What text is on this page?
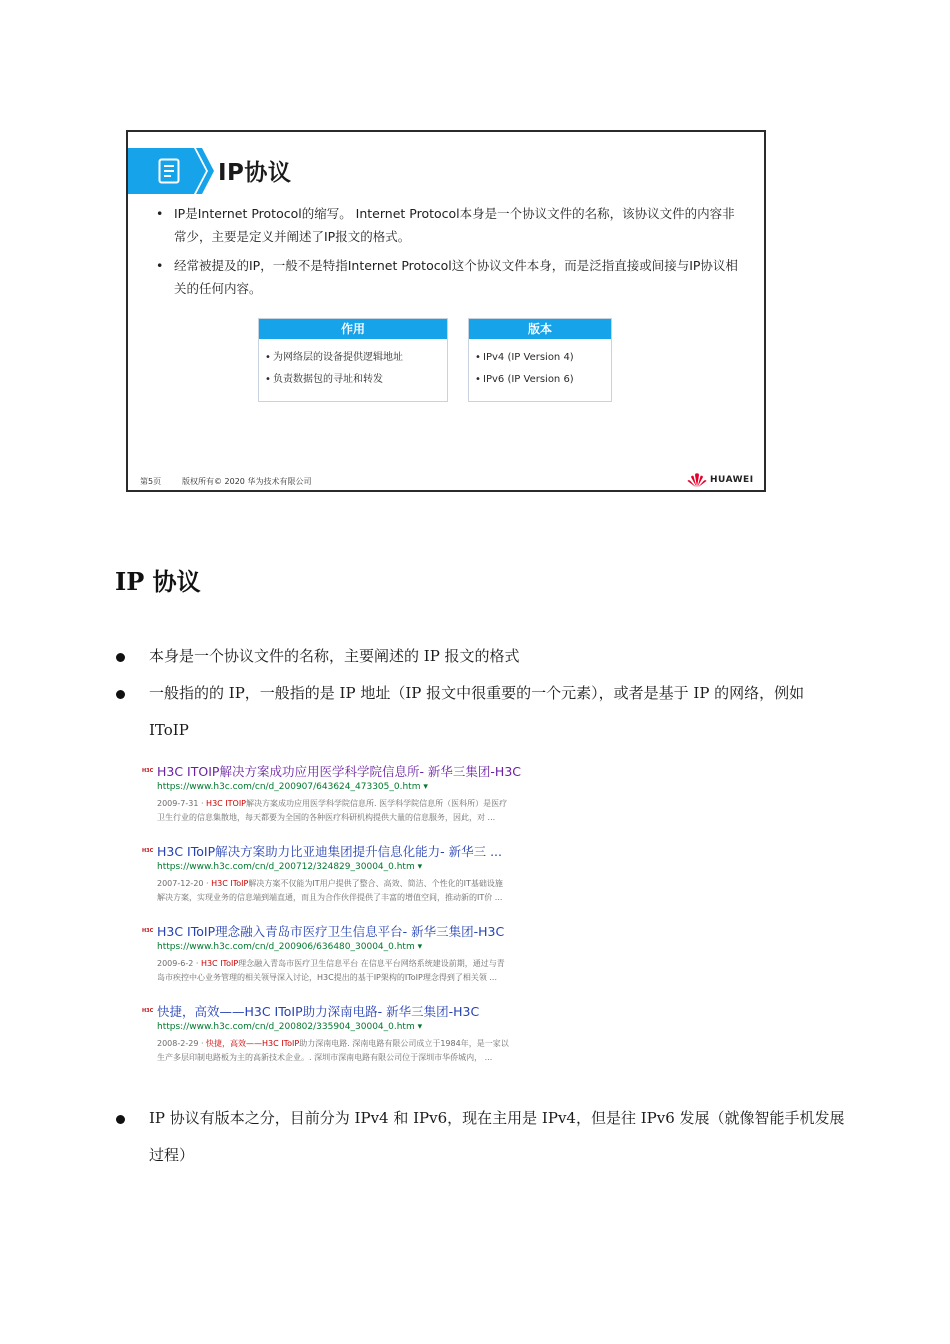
IP协议
• IP是Internet Protocol的缩写。 Internet Protocol本身是一个协议文件的名称，该协议文件的内容非常少，主要是定义并阐述了IP报文的格式。
• 经常被提及的IP，一般不是特指Internet Protocol这个协议文件本身，而是泛指直接或间接与IP协议相关的任何内容。
作用
• 为网络层的设备提供逻辑地址
• 负责数据包的寻址和转发
版本
• IPv4 (IP Version 4)
• IPv6 (IP Version 6)
第5页	版权所有© 2020 华为技术有限公司	HUAWEI
IP 协议
本身是一个协议文件的名称，主要阐述的 IP 报文的格式
一般指的的 IP，一般指的是 IP 地址（IP 报文中很重要的一个元素），或者是基于 IP 的网络，例如 IToIP
H3C H3C ITOIP解决方案成功应用医学科学院信息所- 新华三集团-H3C
https://www.h3c.com/cn/d_200907/643624_473305_0.htm ▾
2009-7-31 · H3C ITOIP解决方案成功应用医学科学院信息所. 医学科学院信息所（医科所）是医疗
卫生行业的信息集散地，每天都要为全国的各种医疗科研机构提供大量的信息服务，因此，对 ...
H3C H3C IToIP解决方案助力比亚迪集团提升信息化能力- 新华三 ...
https://www.h3c.com/cn/d_200712/324829_30004_0.htm ▾
2007-12-20 · H3C IToIP解决方案不仅能为IT用户提供了整合、高效、简洁、个性化的IT基础设施
解决方案，实现业务的信息端到端直通，而且为合作伙伴提供了丰富的增值空间，推动新的IT价 ...
H3C H3C IToIP理念融入青岛市医疗卫生信息平台- 新华三集团-H3C
https://www.h3c.com/cn/d_200906/636480_30004_0.htm ▾
2009-6-2 · H3C IToIP理念融入青岛市医疗卫生信息平台 在信息平台网络系统建设前期，通过与青
岛市疾控中心业务管理的相关领导深入讨论，H3C提出的基于IP架构的IToIP理念得到了相关领 ...
H3C 快捷，高效——H3C IToIP助力深南电路- 新华三集团-H3C
https://www.h3c.com/cn/d_200802/335904_30004_0.htm ▾
2008-2-29 · 快捷，高效——H3C IToIP助力深南电路. 深南电路有限公司成立于1984年，是一家以
生产多层印制电路板为主的高新技术企业。. 深圳市深南电路有限公司位于深圳市华侨城内， ...
IP 协议有版本之分，目前分为 IPv4 和 IPv6，现在主用是 IPv4，但是往 IPv6 发展（就像智能手机发展过程）
